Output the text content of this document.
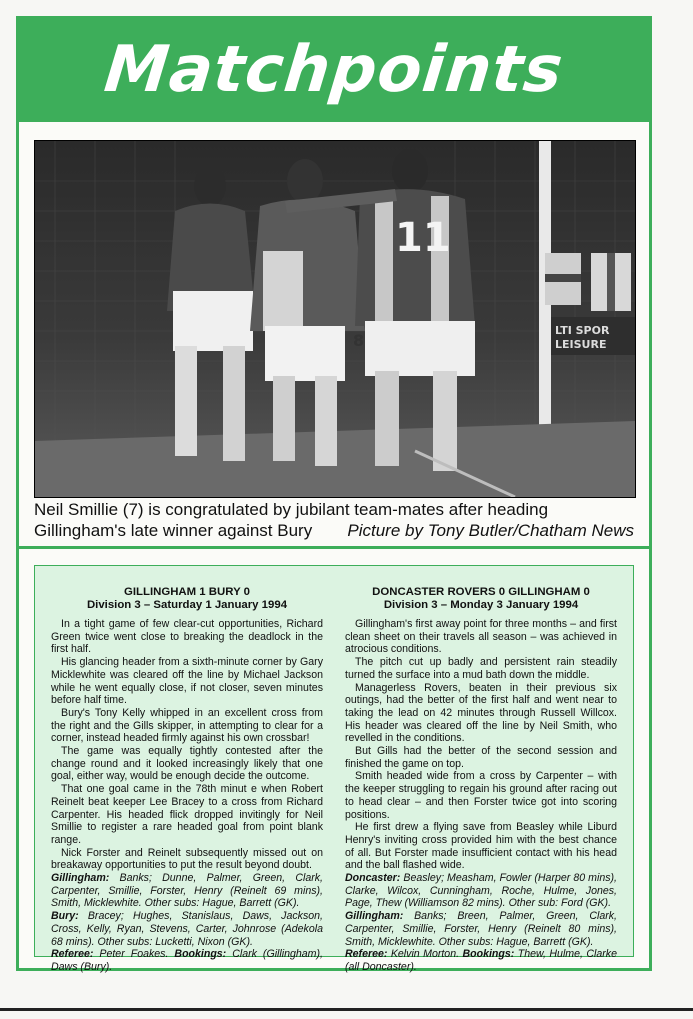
Matchpoints
LTI SPOR
LEISURE
11
8
Neil Smillie (7) is congratulated by jubilant team-mates after heading Gillingham's late winner against Bury Picture by Tony Butler/Chatham News
GILLINGHAM 1 BURY 0
Division 3 – Saturday 1 January 1994

In a tight game of few clear-cut opportunities, Richard Green twice went close to breaking the deadlock in the first half.

His glancing header from a sixth-minute corner by Gary Micklewhite was cleared off the line by Michael Jackson while he went equally close, if not closer, seven minutes before half time.

Bury's Tony Kelly whipped in an excellent cross from the right and the Gills skipper, in attempting to clear for a corner, instead headed firmly against his own crossbar!

The game was equally tightly contested after the change round and it looked increasingly likely that one goal, either way, would be enough decide the outcome.

That one goal came in the 78th minut e when Robert Reinelt beat keeper Lee Bracey to a cross from Richard Carpenter. His headed flick dropped invitingly for Neil Smillie to register a rare headed goal from point blank range.

Nick Forster and Reinelt subsequently missed out on breakaway opportunities to put the result beyond doubt.

Gillingham: Banks; Dunne, Palmer, Green, Clark, Carpenter, Smillie, Forster, Henry (Reinelt 69 mins), Smith, Micklewhite. Other subs: Hague, Barrett (GK).

Bury: Bracey; Hughes, Stanislaus, Daws, Jackson, Cross, Kelly, Ryan, Stevens, Carter, Johnrose (Adekola 68 mins). Other subs: Lucketti, Nixon (GK).

Referee: Peter Foakes. Bookings: Clark (Gillingham), Daws (Bury).

DONCASTER ROVERS 0 GILLINGHAM 0
Division 3 – Monday 3 January 1994

Gillingham's first away point for three months – and first clean sheet on their travels all season – was achieved in atrocious conditions.

The pitch cut up badly and persistent rain steadily turned the surface into a mud bath down the middle.

Managerless Rovers, beaten in their previous six outings, had the better of the first half and went near to taking the lead on 42 minutes through Russell Willcox. His header was cleared off the line by Neil Smith, who revelled in the conditions.

But Gills had the better of the second session and finished the game on top.

Smith headed wide from a cross by Carpenter – with the keeper struggling to regain his ground after racing out to head clear – and then Forster twice got into scoring positions.

He first drew a flying save from Beasley while Liburd Henry's inviting cross provided him with the best chance of all. But Forster made insufficient contact with his head and the ball flashed wide.

Doncaster: Beasley; Measham, Fowler (Harper 80 mins), Clarke, Wilcox, Cunningham, Roche, Hulme, Jones, Page, Thew (Williamson 82 mins). Other sub: Ford (GK).

Gillingham: Banks; Breen, Palmer, Green, Clark, Carpenter, Smillie, Forster, Henry (Reinelt 80 mins), Smith, Micklewhite. Other subs: Hague, Barrett (GK).

Referee: Kelvin Morton. Bookings: Thew, Hulme, Clarke (all Doncaster).
